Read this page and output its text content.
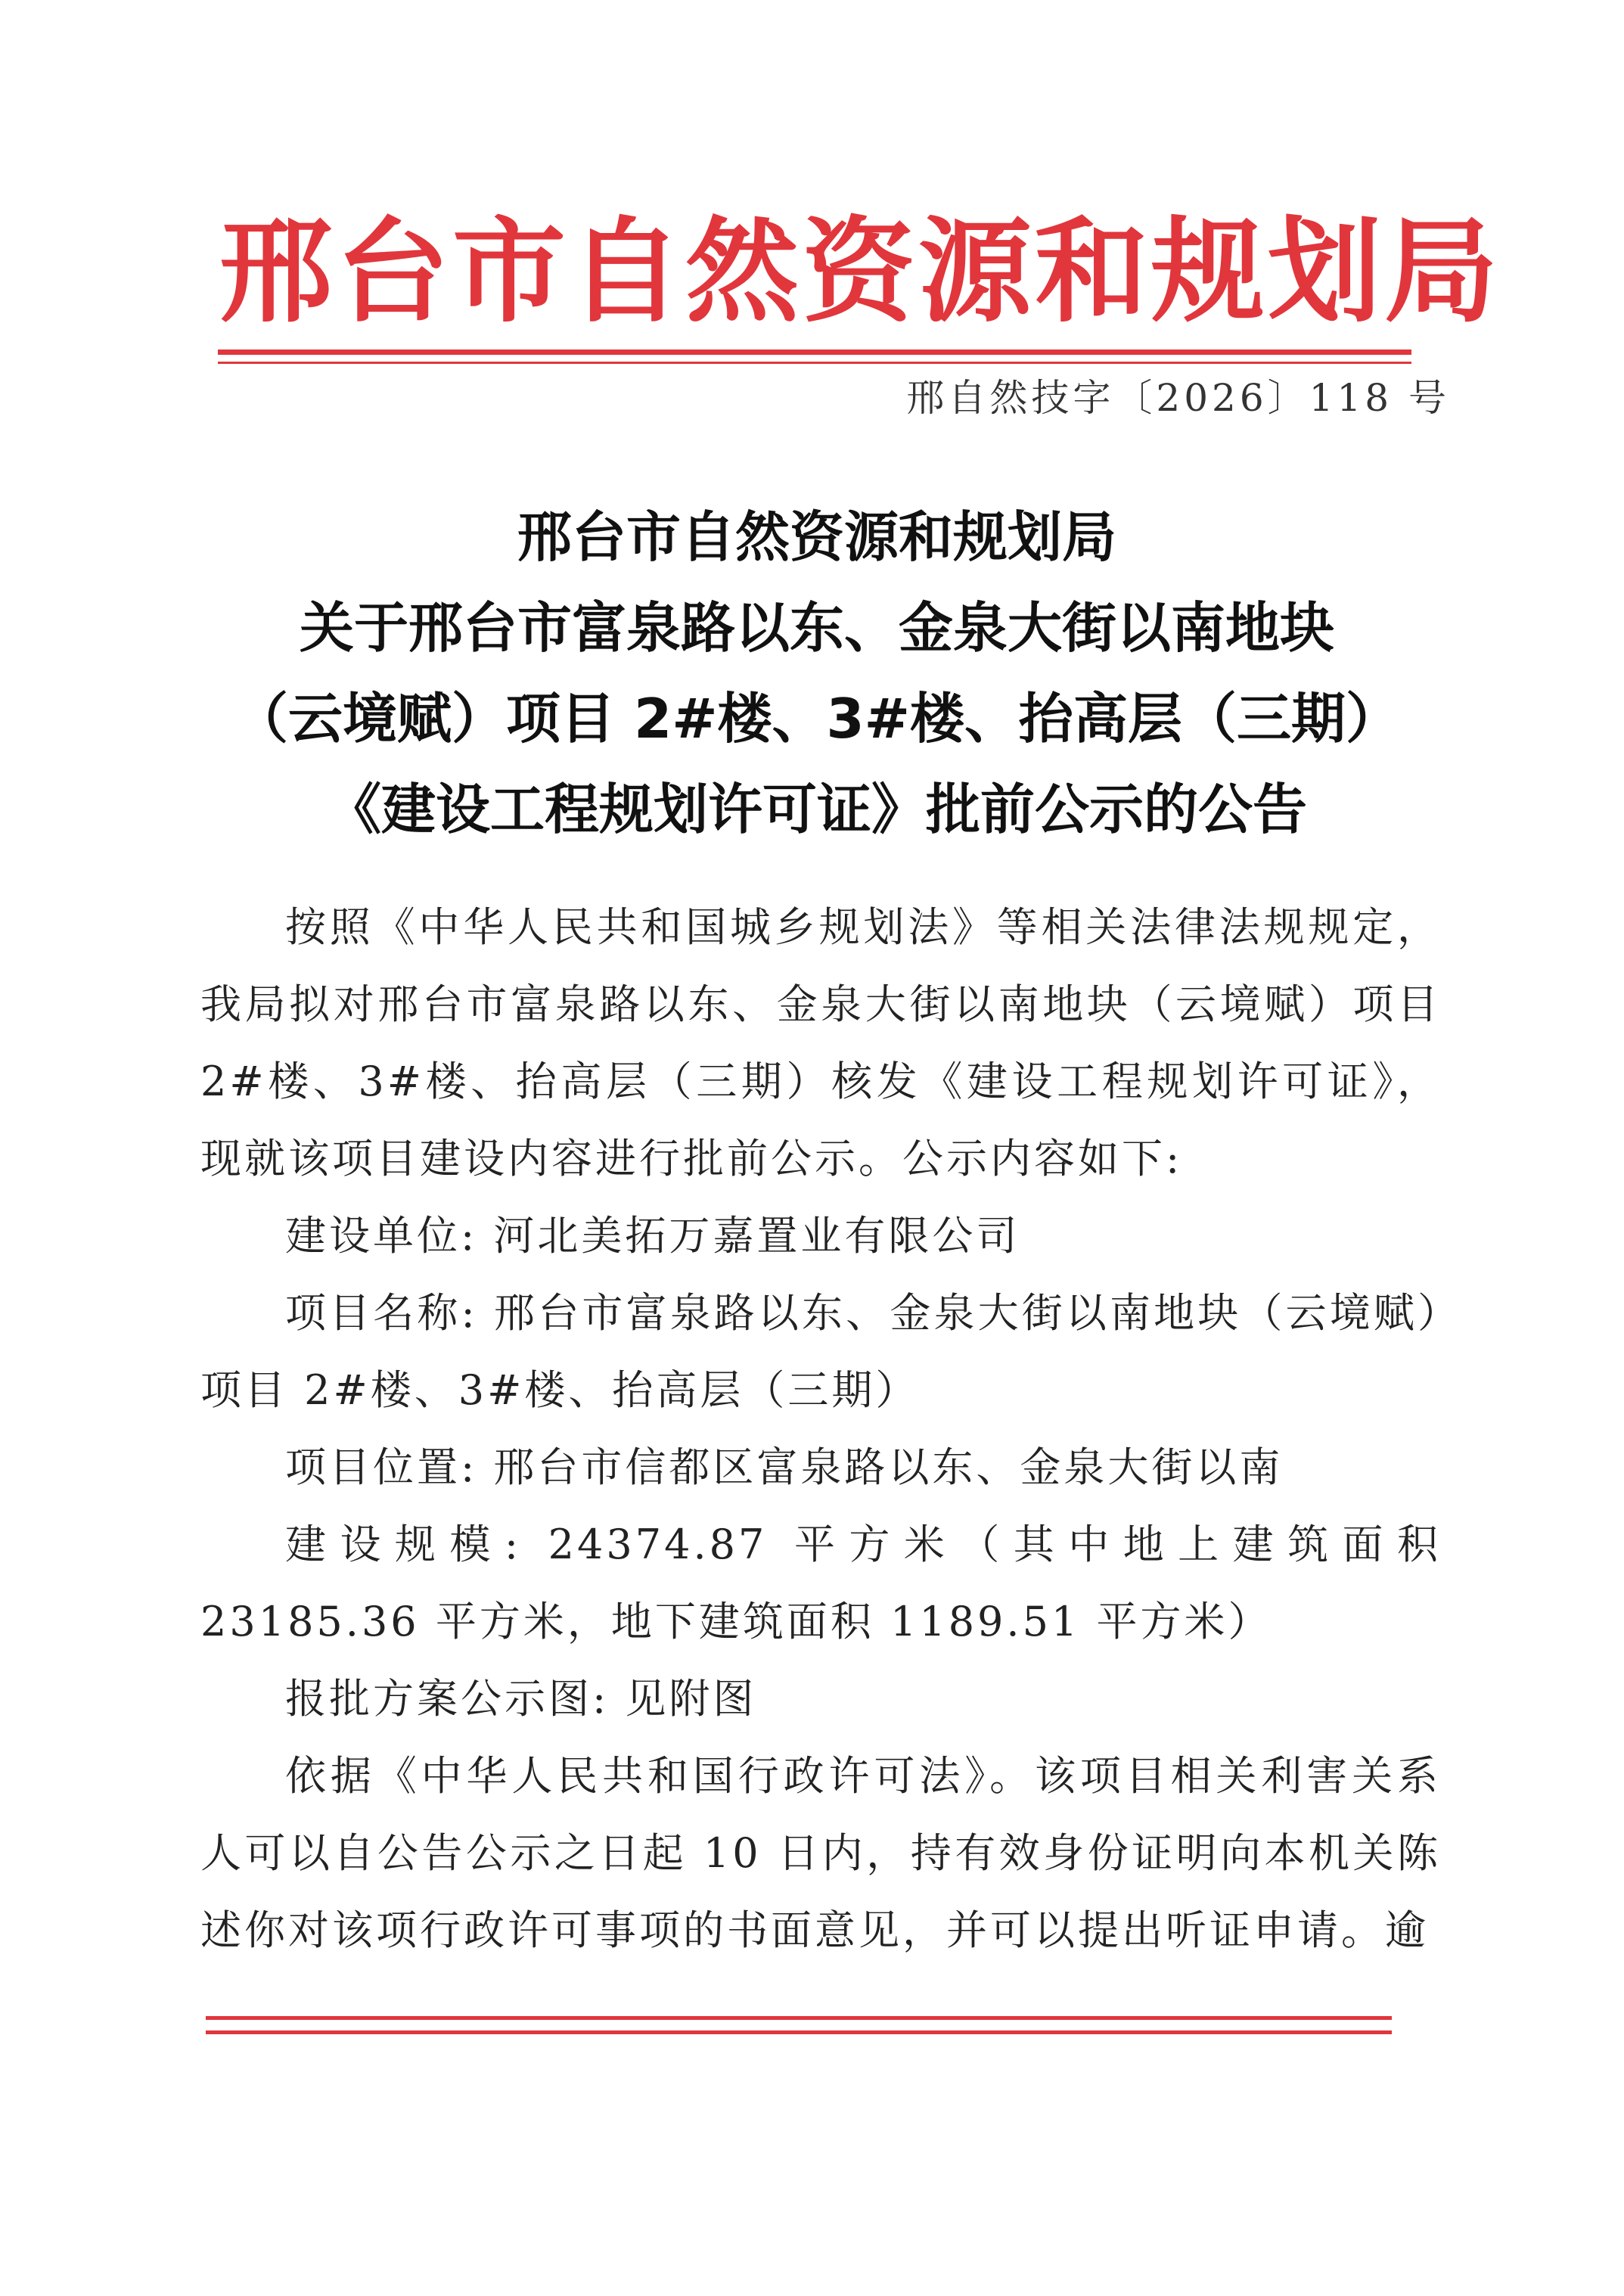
邢台市自然资源和规划局
邢自然技字〔2026〕118 号
邢台市自然资源和规划局
关于邢台市富泉路以东、金泉大街以南地块
（云境赋）项目 2#楼、3#楼、抬高层（三期）
《建设工程规划许可证》批前公示的公告

按照《中华人民共和国城乡规划法》等相关法律法规规定，我局拟对邢台市富泉路以东、金泉大街以南地块（云境赋）项目2#楼、3#楼、抬高层（三期）核发《建设工程规划许可证》，现就该项目建设内容进行批前公示。公示内容如下:

建设单位: 河北美拓万嘉置业有限公司

项目名称: 邢台市富泉路以东、金泉大街以南地块（云境赋）项目 2#楼、3#楼、抬高层（三期）

项目位置: 邢台市信都区富泉路以东、金泉大街以南

建设规模: 24374.87 平方米（其中地上建筑面积 23185.36 平方米，地下建筑面积 1189.51 平方米）

报批方案公示图: 见附图

依据《中华人民共和国行政许可法》。该项目相关利害关系人可以自公告公示之日起 10 日内，持有效身份证明向本机关陈述你对该项行政许可事项的书面意见，并可以提出听证申请。逾
